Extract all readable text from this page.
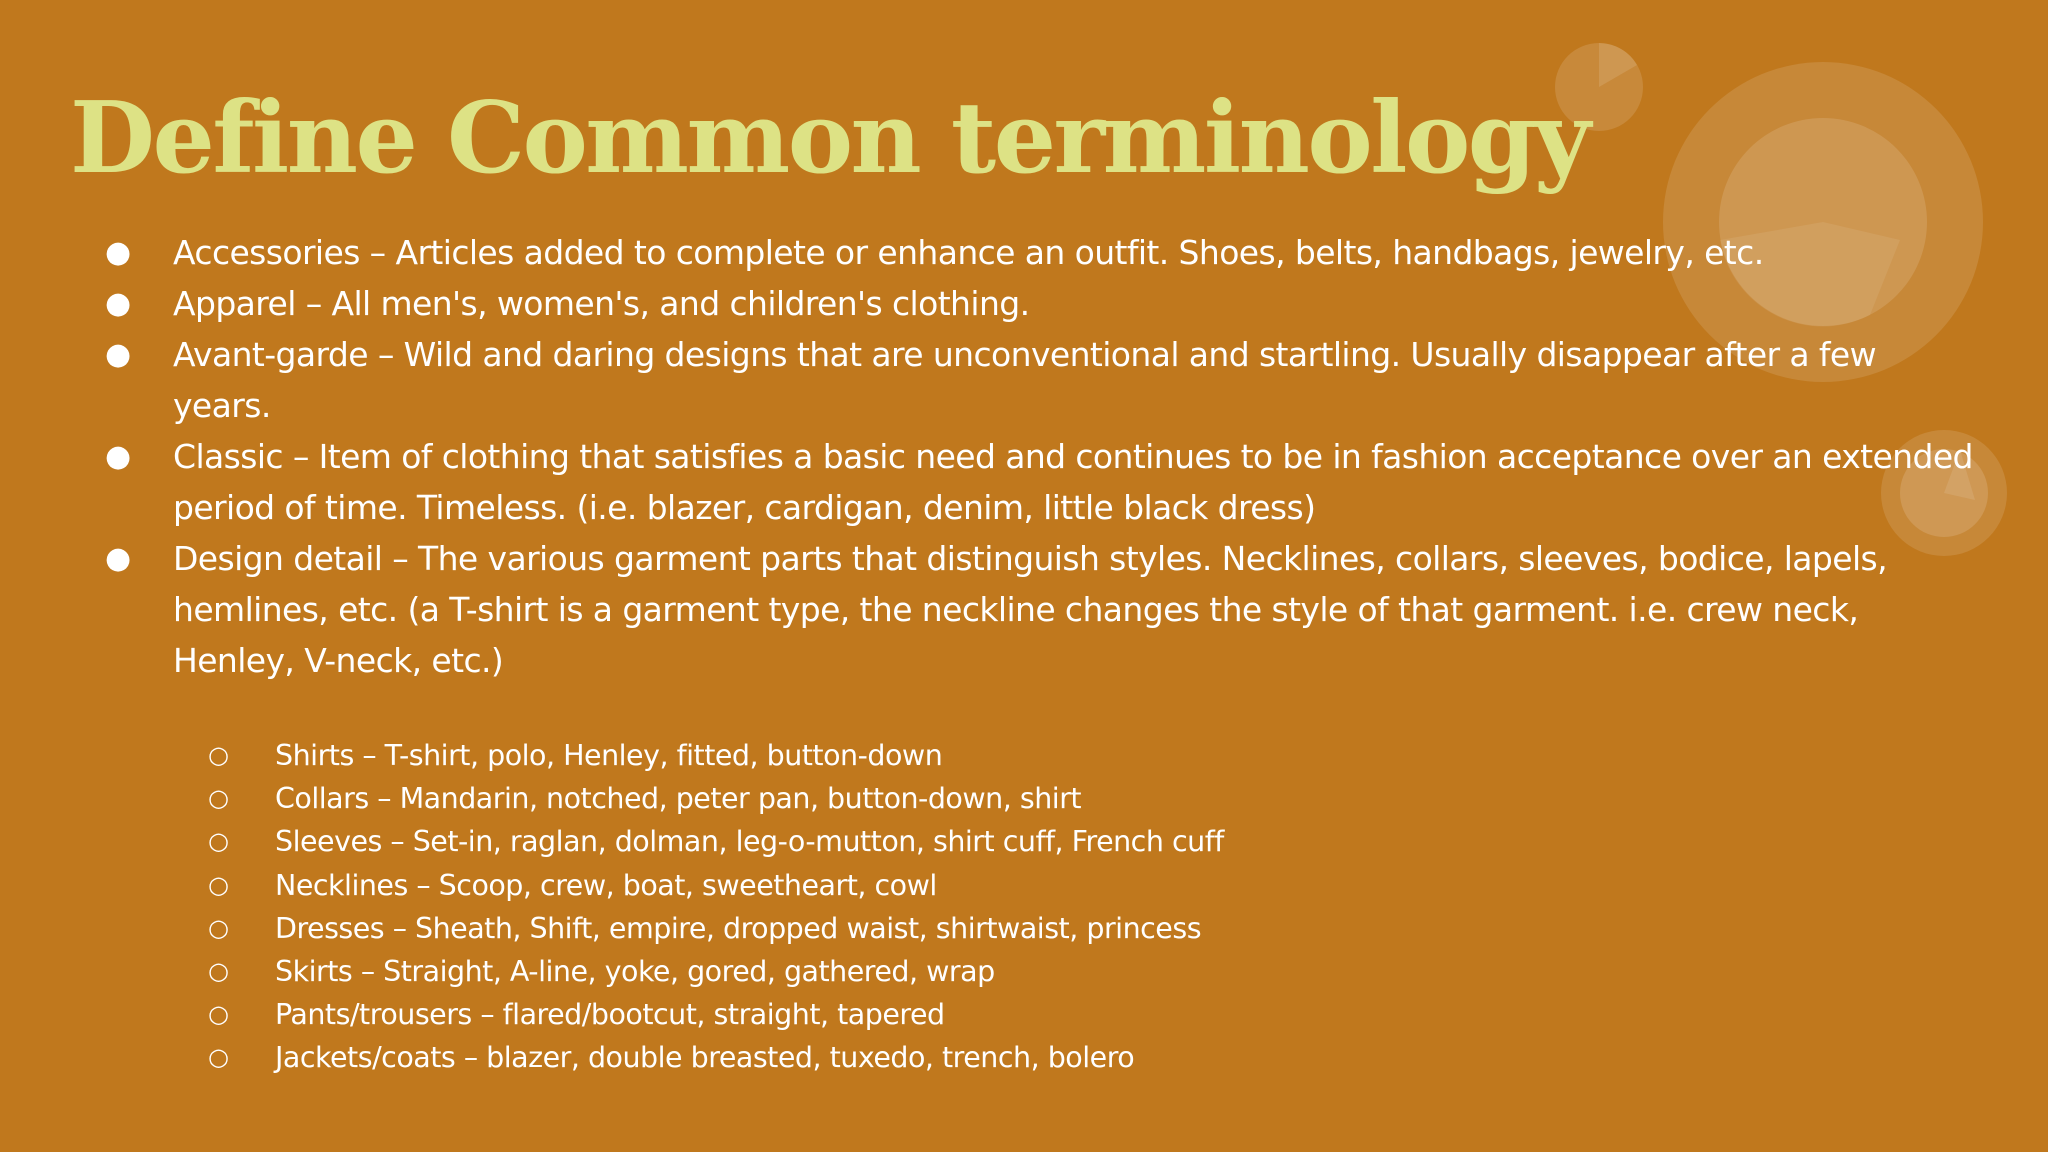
Define Common terminology
● Accessories – Articles added to complete or enhance an outfit. Shoes, belts, handbags, jewelry, etc.
● Apparel – All men's, women's, and children's clothing.
● Avant-garde – Wild and daring designs that are unconventional and startling. Usually disappear after a few years.
● Classic – Item of clothing that satisfies a basic need and continues to be in fashion acceptance over an extended period of time. Timeless. (i.e. blazer, cardigan, denim, little black dress)
● Design detail – The various garment parts that distinguish styles. Necklines, collars, sleeves, bodice, lapels, hemlines, etc. (a T-shirt is a garment type, the neckline changes the style of that garment. i.e. crew neck, Henley, V-neck, etc.)
○ Shirts – T-shirt, polo, Henley, fitted, button-down
○ Collars – Mandarin, notched, peter pan, button-down, shirt
○ Sleeves – Set-in, raglan, dolman, leg-o-mutton, shirt cuff, French cuff
○ Necklines – Scoop, crew, boat, sweetheart, cowl
○ Dresses – Sheath, Shift, empire, dropped waist, shirtwaist, princess
○ Skirts – Straight, A-line, yoke, gored, gathered, wrap
○ Pants/trousers – flared/bootcut, straight, tapered
○ Jackets/coats – blazer, double breasted, tuxedo, trench, bolero
